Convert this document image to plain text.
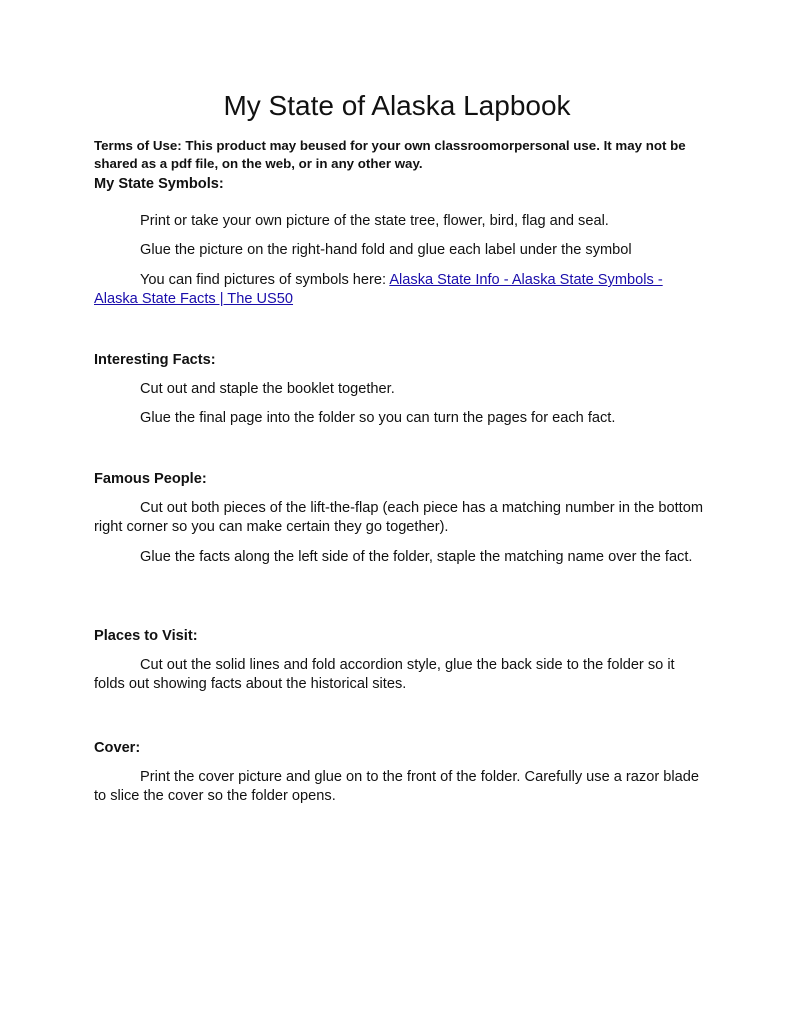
My State of Alaska Lapbook

Terms of Use: This product may beused for your own classroomorpersonal use. It may not be shared as a pdf file, on the web, or in any other way.

My State Symbols:

Print or take your own picture of the state tree, flower, bird, flag and seal.

Glue the picture on the right-hand fold and glue each label under the symbol

You can find pictures of symbols here: Alaska State Info - Alaska State Symbols - Alaska State Facts | The US50

Interesting Facts:

Cut out and staple the booklet together.

Glue the final page into the folder so you can turn the pages for each fact.

Famous People:

Cut out both pieces of the lift-the-flap (each piece has a matching number in the bottom right corner so you can make certain they go together).

Glue the facts along the left side of the folder, staple the matching name over the fact.

Places to Visit:

Cut out the solid lines and fold accordion style, glue the back side to the folder so it folds out showing facts about the historical sites.

Cover:

Print the cover picture and glue on to the front of the folder. Carefully use a razor blade to slice the cover so the folder opens.
